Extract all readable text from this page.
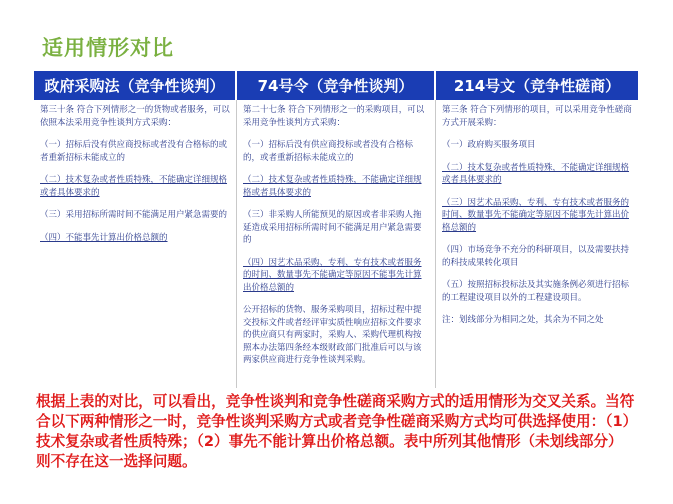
适用情形对比
政府采购法（竞争性谈判）	74号令（竞争性谈判）	214号文（竞争性磋商）
第三十条 符合下列情形之一的货物或者服务，可以依照本法采用竞争性谈判方式采购：
（一）招标后没有供应商投标或者没有合格标的或者重新招标未能成立的
（二）技术复杂或者性质特殊，不能确定详细规格或者具体要求的
（三）采用招标所需时间不能满足用户紧急需要的
（四）不能事先计算出价格总额的
第二十七条 符合下列情形之一的采购项目，可以采用竞争性谈判方式采购：
（一）招标后没有供应商投标或者没有合格标的，或者重新招标未能成立的
（二）技术复杂或者性质特殊，不能确定详细规格或者具体要求的
（三）非采购人所能预见的原因或者非采购人拖延造成采用招标所需时间不能满足用户紧急需要的
（四）因艺术品采购、专利、专有技术或者服务的时间、数量事先不能确定等原因不能事先计算出价格总额的
公开招标的货物、服务采购项目，招标过程中提交投标文件或者经评审实质性响应招标文件要求的供应商只有两家时，采购人、采购代理机构按照本办法第四条经本级财政部门批准后可以与该两家供应商进行竞争性谈判采购。
第三条 符合下列情形的项目，可以采用竞争性磋商方式开展采购：
（一）政府购买服务项目
（二）技术复杂或者性质特殊，不能确定详细规格或者具体要求的
（三）因艺术品采购、专利、专有技术或者服务的时间、数量事先不能确定等原因不能事先计算出价格总额的
（四）市场竞争不充分的科研项目，以及需要扶持的科技成果转化项目
（五）按照招标投标法及其实施条例必须进行招标的工程建设项目以外的工程建设项目。
注：划线部分为相同之处，其余为不同之处
根据上表的对比，可以看出，竞争性谈判和竞争性磋商采购方式的适用情形为交叉关系。当符合以下两种情形之一时，竞争性谈判采购方式或者竞争性磋商采购方式均可供选择使用：（1）技术复杂或者性质特殊；（2）事先不能计算出价格总额。表中所列其他情形（未划线部分）则不存在这一选择问题。
